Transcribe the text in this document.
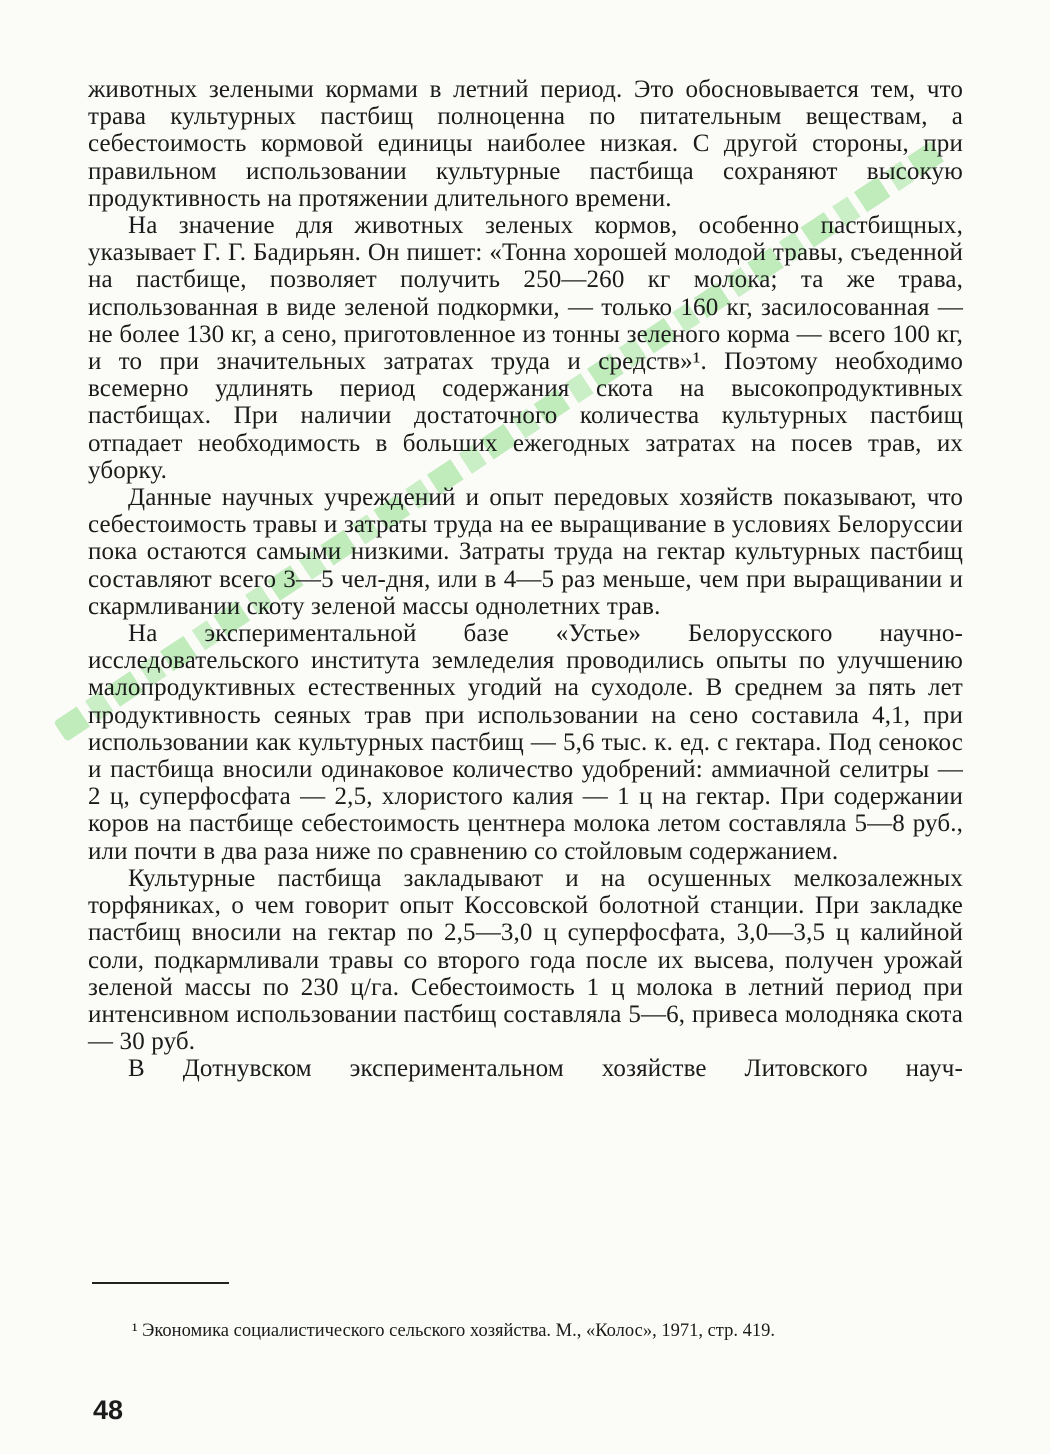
животных зелеными кормами в летний период. Это обосновывается тем, что трава культурных пастбищ полноценна по питательным веществам, а себестоимость кормовой единицы наиболее низкая. С другой стороны, при правильном использовании культурные пастбища сохраняют высокую продуктивность на протяжении длительного времени.

На значение для животных зеленых кормов, особенно пастбищных, указывает Г. Г. Бадирьян. Он пишет: «Тонна хорошей молодой травы, съеденной на пастбище, позволяет получить 250—260 кг молока; та же трава, использованная в виде зеленой подкормки, — только 160 кг, засилосованная — не более 130 кг, а сено, приготовленное из тонны зеленого корма — всего 100 кг, и то при значительных затратах труда и средств»¹. Поэтому необходимо всемерно удлинять период содержания скота на высокопродуктивных пастбищах. При наличии достаточного количества культурных пастбищ отпадает необходимость в больших ежегодных затратах на посев трав, их уборку.

Данные научных учреждений и опыт передовых хозяйств показывают, что себестоимость травы и затраты труда на ее выращивание в условиях Белоруссии пока остаются самыми низкими. Затраты труда на гектар культурных пастбищ составляют всего 3—5 чел-дня, или в 4—5 раз меньше, чем при выращивании и скармливании скоту зеленой массы однолетних трав.

На экспериментальной базе «Устье» Белорусского научно-исследовательского института земледелия проводились опыты по улучшению малопродуктивных естественных угодий на суходоле. В среднем за пять лет продуктивность сеяных трав при использовании на сено составила 4,1, при использовании как культурных пастбищ — 5,6 тыс. к. ед. с гектара. Под сенокос и пастбища вносили одинаковое количество удобрений: аммиачной селитры — 2 ц, суперфосфата — 2,5, хлористого калия — 1 ц на гектар. При содержании коров на пастбище себестоимость центнера молока летом составляла 5—8 руб., или почти в два раза ниже по сравнению со стойловым содержанием.

Культурные пастбища закладывают и на осушенных мелкозалежных торфяниках, о чем говорит опыт Коссовской болотной станции. При закладке пастбищ вносили на гектар по 2,5—3,0 ц суперфосфата, 3,0—3,5 ц калийной соли, подкармливали травы со второго года после их высева, получен урожай зеленой массы по 230 ц/га. Себестоимость 1 ц молока в летний период при интенсивном использовании пастбищ составляла 5—6, привеса молодняка скота — 30 руб.

В Дотнувском экспериментальном хозяйстве Литовского науч-

¹ Экономика социалистического сельского хозяйства. М., «Колос», 1971, стр. 419.

48
